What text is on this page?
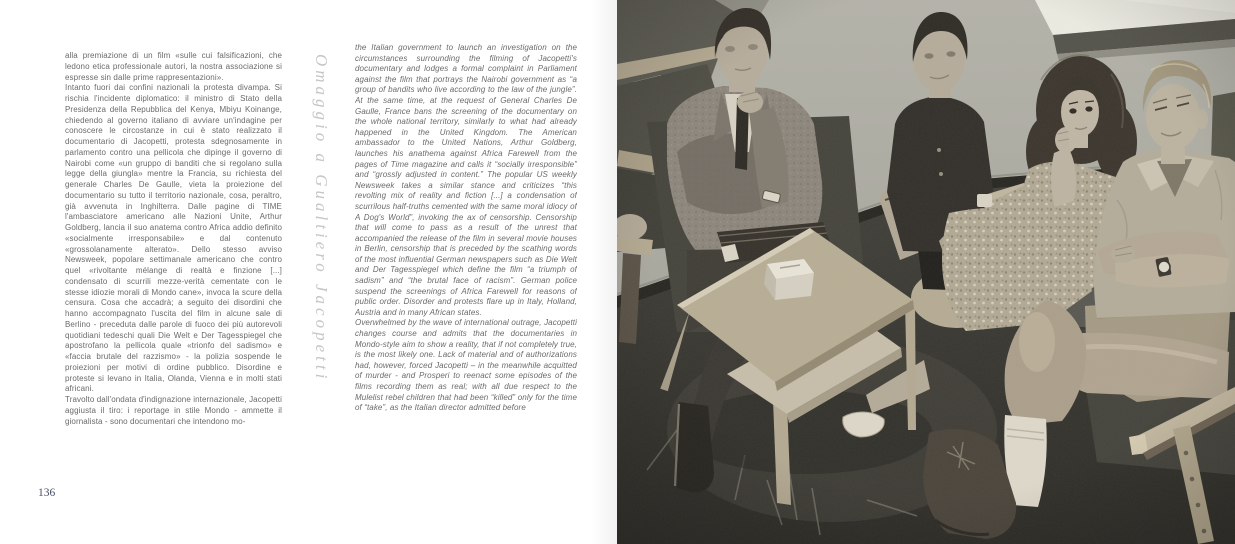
alla premiazione di un film «sulle cui falsificazioni, che ledono etica professionale autori, la nostra associazione si espresse sin dalle prime rappresentazioni».

Intanto fuori dai confini nazionali la protesta divampa. Si rischia l'incidente diplomatico: il ministro di Stato della Presidenza della Repubblica del Kenya, Mbiyu Koinange, chiedendo al governo italiano di avviare un'indagine per conoscere le circostanze in cui è stato realizzato il documentario di Jacopetti, protesta sdegnosamente in parlamento contro una pellicola che dipinge il governo di Nairobi come «un gruppo di banditi che si regolano sulla legge della giungla» mentre la Francia, su richiesta del generale Charles De Gaulle, vieta la proiezione del documentario su tutto il territorio nazionale, cosa, peraltro, già avvenuta in Inghilterra. Dalle pagine di TIME l'ambasciatore americano alle Nazioni Unite, Arthur Goldberg, lancia il suo anatema contro Africa addio definito «socialmente irresponsabile» e dal contenuto «grossolanamente alterato». Dello stesso avviso Newsweek, popolare settimanale americano che contro quel «rivoltante mélange di realtà e finzione [...] condensato di scurrili mezze-verità cementate con le stesse idiozie morali di Mondo cane», invoca la scure della censura. Cosa che accadrà; a seguito dei disordini che hanno accompagnato l'uscita del film in alcune sale di Berlino - preceduta dalle parole di fuoco dei più autorevoli quotidiani tedeschi quali Die Welt e Der Tagesspiegel che apostrofano la pellicola quale «trionfo del sadismo» e «faccia brutale del razzismo» - la polizia sospende le proiezioni per motivi di ordine pubblico. Disordine e proteste si levano in Italia, Olanda, Vienna e in molti stati africani.

Travolto dall'ondata d'indignazione internazionale, Jacopetti aggiusta il tiro: i reportage in stile Mondo - ammette il giornalista - sono documentari che intendono mo-

Omaggio a Gualtiero Jacopetti

the Italian government to launch an investigation on the circumstances surrounding the filming of Jacopetti's documentary and lodges a formal complaint in Parliament against the film that portrays the Nairobi government as “a group of bandits who live according to the law of the jungle”. At the same time, at the request of General Charles De Gaulle, France bans the screening of the documentary on the whole national territory, similarly to what had already happened in the United Kingdom. The American ambassador to the United Nations, Arthur Goldberg, launches his anathema against Africa Farewell from the pages of Time magazine and calls it “socially irresponsible” and “grossly adjusted in content.” The popular US weekly Newsweek takes a similar stance and criticizes “this revolting mix of reality and fiction [...] a condensation of scurrilous half-truths cemented with the same moral idiocy of A Dog's World”, invoking the ax of censorship. Censorship that will come to pass as a result of the unrest that accompanied the release of the film in several movie houses in Berlin, censorship that is preceded by the scathing words of the most influential German newspapers such as Die Welt and Der Tagesspiegel which define the film “a triumph of sadism” and “the brutal face of racism”. German police suspend the screenings of Africa Farewell for reasons of public order. Disorder and protests flare up in Italy, Holland, Austria and in many African states.

Overwhelmed by the wave of international outrage, Jacopetti changes course and admits that the documentaries in Mondo-style aim to show a reality, that if not completely true, is the most likely one. Lack of material and of authorizations had, however, forced Jacopetti – in the meanwhile acquitted of murder - and Prosperi to reenact some episodes of the films recording them as real; with all due respect to the Mulelist rebel children that had been “killed” only for the time of “take”, as the Italian director admitted before

136
